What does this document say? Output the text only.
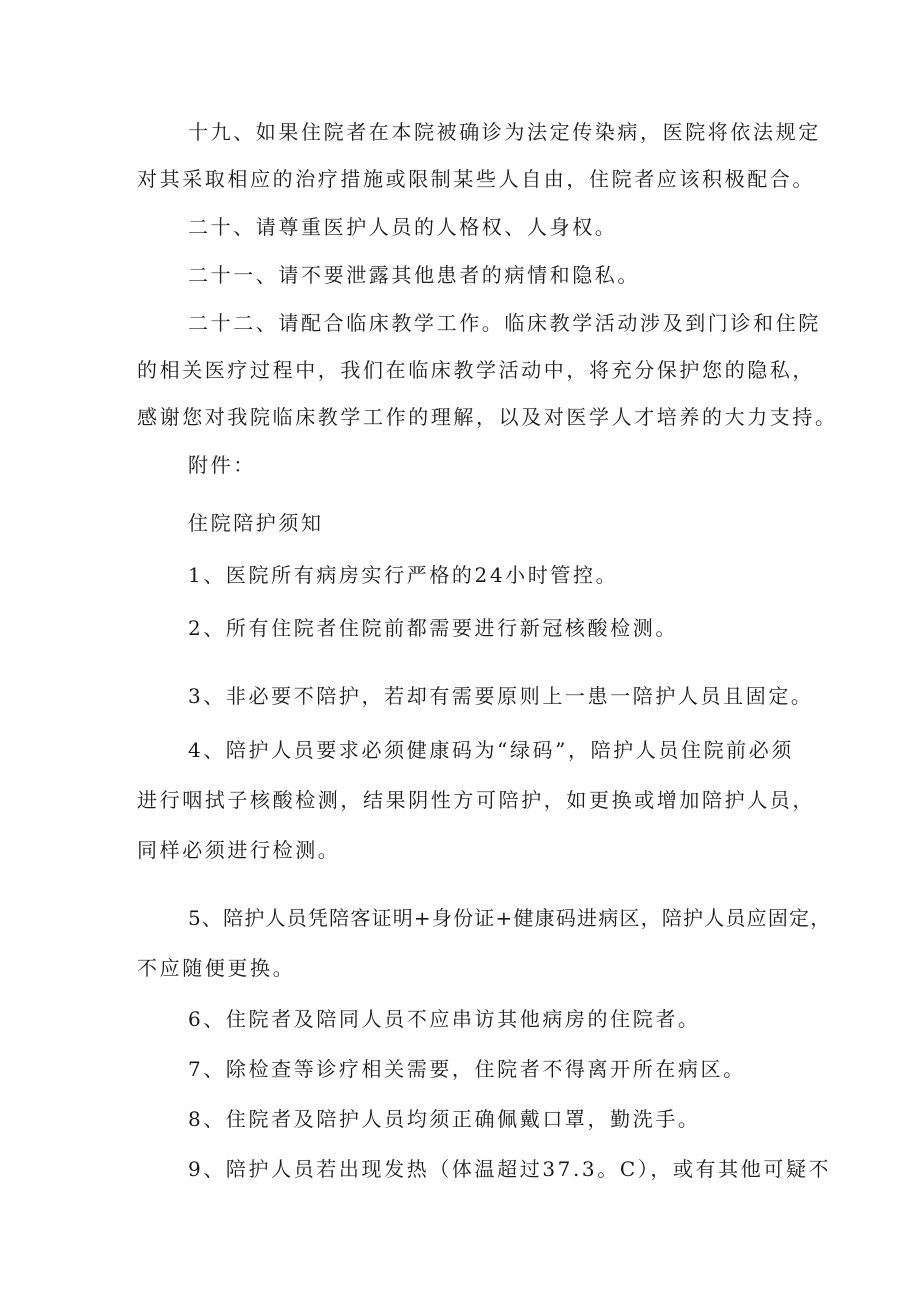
十九、如果住院者在本院被确诊为法定传染病，医院将依法规定
对其采取相应的治疗措施或限制某些人自由，住院者应该积极配合。
二十、请尊重医护人员的人格权、人身权。
二十一、请不要泄露其他患者的病情和隐私。
二十二、请配合临床教学工作。临床教学活动涉及到门诊和住院
的相关医疗过程中，我们在临床教学活动中，将充分保护您的隐私，
感谢您对我院临床教学工作的理解，以及对医学人才培养的大力支持。
附件：
住院陪护须知
1、医院所有病房实行严格的24小时管控。
2、所有住院者住院前都需要进行新冠核酸检测。
3、非必要不陪护，若却有需要原则上一患一陪护人员且固定。
4、陪护人员要求必须健康码为“绿码”，陪护人员住院前必须
进行咽拭子核酸检测，结果阴性方可陪护，如更换或增加陪护人员，
同样必须进行检测。
5、陪护人员凭陪客证明+身份证+健康码进病区，陪护人员应固定，
不应随便更换。
6、住院者及陪同人员不应串访其他病房的住院者。
7、除检查等诊疗相关需要，住院者不得离开所在病区。
8、住院者及陪护人员均须正确佩戴口罩，勤洗手。
9、陪护人员若出现发热（体温超过37.3。C），或有其他可疑不
